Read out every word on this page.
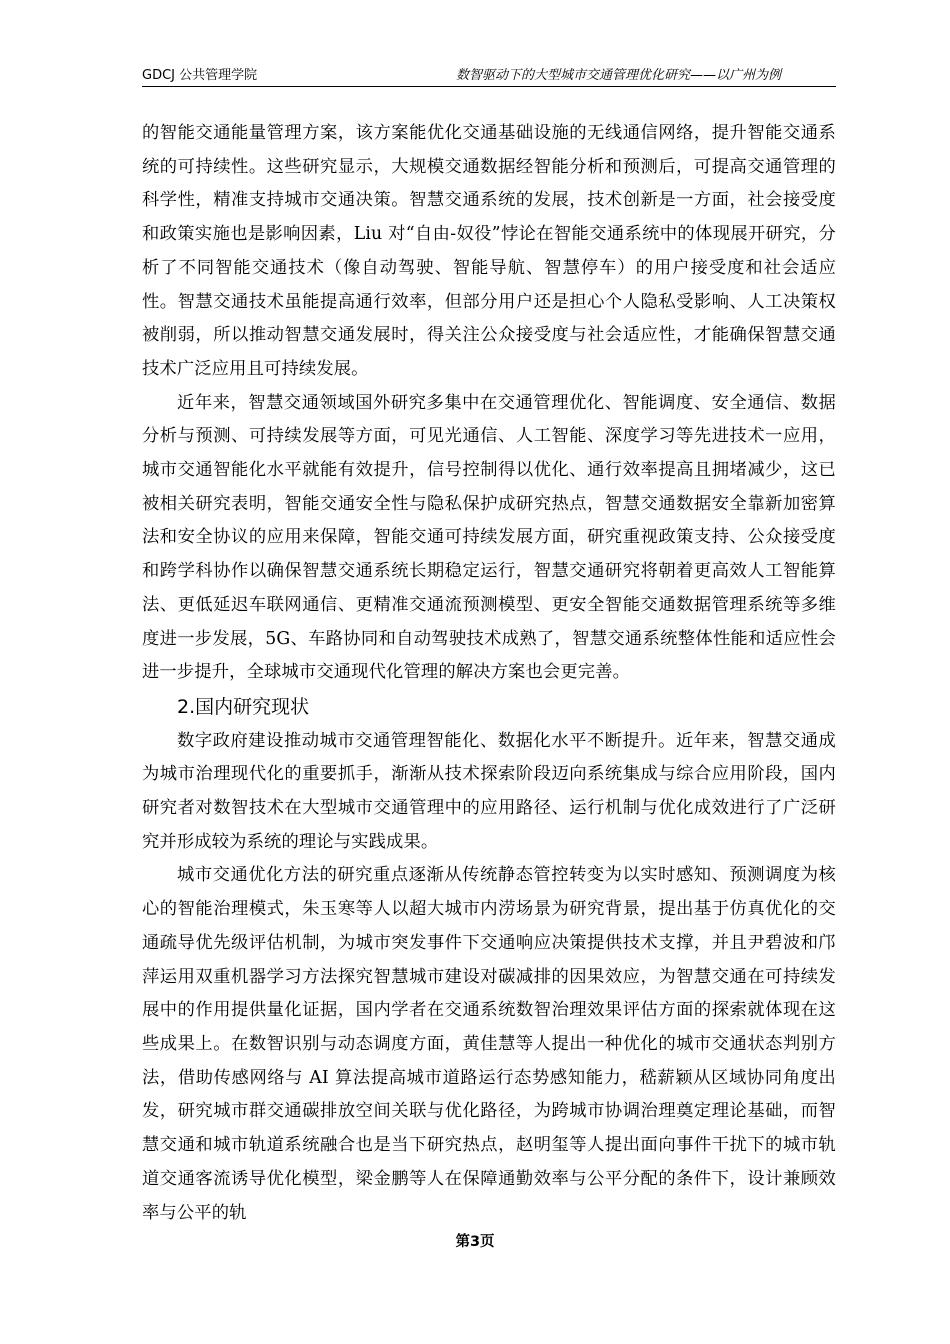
GDCJ 公共管理学院	数智驱动下的大型城市交通管理优化研究——以广州为例

的智能交通能量管理方案，该方案能优化交通基础设施的无线通信网络，提升智能交通系统的可持续性。这些研究显示，大规模交通数据经智能分析和预测后，可提高交通管理的科学性，精准支持城市交通决策。智慧交通系统的发展，技术创新是一方面，社会接受度和政策实施也是影响因素，Liu 对“自由-奴役”悖论在智能交通系统中的体现展开研究，分析了不同智能交通技术（像自动驾驶、智能导航、智慧停车）的用户接受度和社会适应性。智慧交通技术虽能提高通行效率，但部分用户还是担心个人隐私受影响、人工决策权被削弱，所以推动智慧交通发展时，得关注公众接受度与社会适应性，才能确保智慧交通技术广泛应用且可持续发展。

近年来，智慧交通领域国外研究多集中在交通管理优化、智能调度、安全通信、数据分析与预测、可持续发展等方面，可见光通信、人工智能、深度学习等先进技术一应用，城市交通智能化水平就能有效提升，信号控制得以优化、通行效率提高且拥堵减少，这已被相关研究表明，智能交通安全性与隐私保护成研究热点，智慧交通数据安全靠新加密算法和安全协议的应用来保障，智能交通可持续发展方面，研究重视政策支持、公众接受度和跨学科协作以确保智慧交通系统长期稳定运行，智慧交通研究将朝着更高效人工智能算法、更低延迟车联网通信、更精准交通流预测模型、更安全智能交通数据管理系统等多维度进一步发展，5G、车路协同和自动驾驶技术成熟了，智慧交通系统整体性能和适应性会进一步提升，全球城市交通现代化管理的解决方案也会更完善。

2.国内研究现状

数字政府建设推动城市交通管理智能化、数据化水平不断提升。近年来，智慧交通成为城市治理现代化的重要抓手，渐渐从技术探索阶段迈向系统集成与综合应用阶段，国内研究者对数智技术在大型城市交通管理中的应用路径、运行机制与优化成效进行了广泛研究并形成较为系统的理论与实践成果。

城市交通优化方法的研究重点逐渐从传统静态管控转变为以实时感知、预测调度为核心的智能治理模式，朱玉寒等人以超大城市内涝场景为研究背景，提出基于仿真优化的交通疏导优先级评估机制，为城市突发事件下交通响应决策提供技术支撑，并且尹碧波和邝萍运用双重机器学习方法探究智慧城市建设对碳减排的因果效应，为智慧交通在可持续发展中的作用提供量化证据，国内学者在交通系统数智治理效果评估方面的探索就体现在这些成果上。在数智识别与动态调度方面，黄佳慧等人提出一种优化的城市交通状态判别方法，借助传感网络与 AI 算法提高城市道路运行态势感知能力，嵇薪颖从区域协同角度出发，研究城市群交通碳排放空间关联与优化路径，为跨城市协调治理奠定理论基础，而智慧交通和城市轨道系统融合也是当下研究热点，赵明玺等人提出面向事件干扰下的城市轨道交通客流诱导优化模型，梁金鹏等人在保障通勤效率与公平分配的条件下，设计兼顾效率与公平的轨

第3页
